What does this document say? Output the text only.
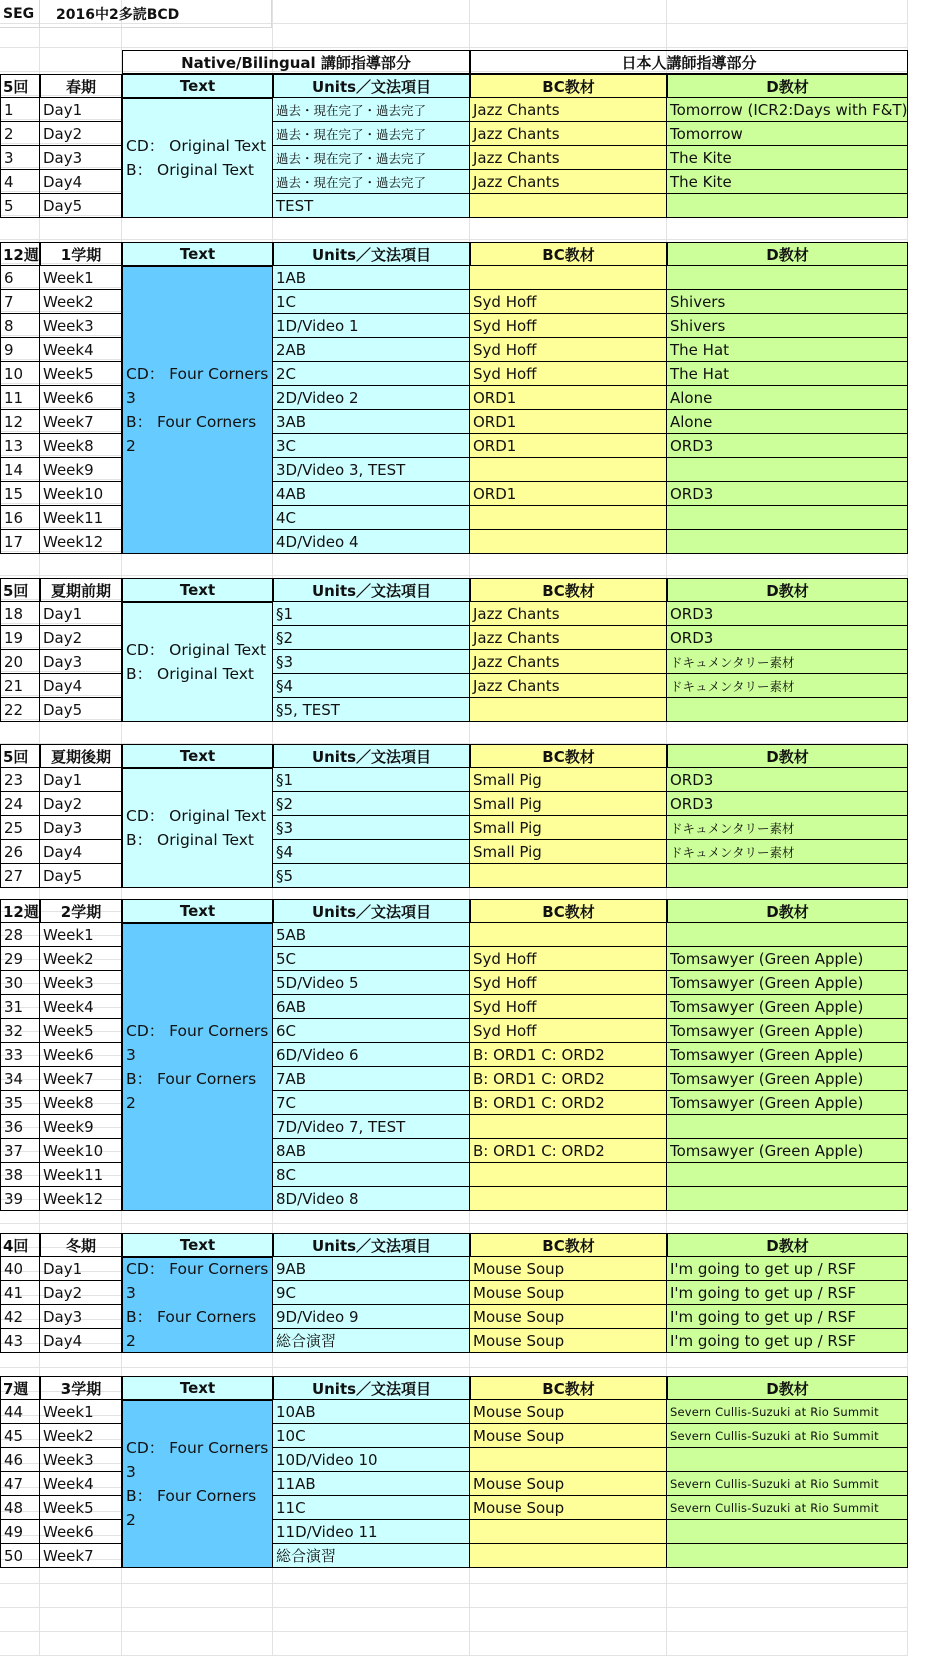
SEG	2016中2多読BCD
Native/Bilingual 講師指導部分	日本人講師指導部分
5回	春期	Text	Units／文法項目	BC教材	D教材
1	Day1	過去・現在完了・過去完了	Jazz Chants	Tomorrow (ICR2:Days with F&T)
2	Day2	過去・現在完了・過去完了	Jazz Chants	Tomorrow
3	Day3	過去・現在完了・過去完了	Jazz Chants	The Kite
4	Day4	過去・現在完了・過去完了	Jazz Chants	The Kite
5	Day5	TEST
CD： Original Text
B： Original Text
12週	1学期	Text	Units／文法項目	BC教材	D教材
6	Week1	1AB
7	Week2	1C	Syd Hoff	Shivers
8	Week3	1D/Video 1	Syd Hoff	Shivers
9	Week4	2AB	Syd Hoff	The Hat
10	Week5	2C	Syd Hoff	The Hat
11	Week6	2D/Video 2	ORD1	Alone
12	Week7	3AB	ORD1	Alone
13	Week8	3C	ORD1	ORD3
14	Week9	3D/Video 3, TEST
15	Week10	4AB	ORD1	ORD3
16	Week11	4C
17	Week12	4D/Video 4
CD： Four Corners
3
B： Four Corners 2
5回	夏期前期	Text	Units／文法項目	BC教材	D教材
18	Day1	§1	Jazz Chants	ORD3
19	Day2	§2	Jazz Chants	ORD3
20	Day3	§3	Jazz Chants	ドキュメンタリー素材
21	Day4	§4	Jazz Chants	ドキュメンタリー素材
22	Day5	§5, TEST
CD： Original Text
B： Original Text
5回	夏期後期	Text	Units／文法項目	BC教材	D教材
23	Day1	§1	Small Pig	ORD3
24	Day2	§2	Small Pig	ORD3
25	Day3	§3	Small Pig	ドキュメンタリー素材
26	Day4	§4	Small Pig	ドキュメンタリー素材
27	Day5	§5
CD： Original Text
B： Original Text
12週	2学期	Text	Units／文法項目	BC教材	D教材
28	Week1	5AB
29	Week2	5C	Syd Hoff	Tomsawyer (Green Apple)
30	Week3	5D/Video 5	Syd Hoff	Tomsawyer (Green Apple)
31	Week4	6AB	Syd Hoff	Tomsawyer (Green Apple)
32	Week5	6C	Syd Hoff	Tomsawyer (Green Apple)
33	Week6	6D/Video 6	B: ORD1 C: ORD2	Tomsawyer (Green Apple)
34	Week7	7AB	B: ORD1 C: ORD2	Tomsawyer (Green Apple)
35	Week8	7C	B: ORD1 C: ORD2	Tomsawyer (Green Apple)
36	Week9	7D/Video 7, TEST
37	Week10	8AB	B: ORD1 C: ORD2	Tomsawyer (Green Apple)
38	Week11	8C
39	Week12	8D/Video 8
CD： Four Corners
3
B： Four Corners 2
4回	冬期	Text	Units／文法項目	BC教材	D教材
40	Day1	9AB	Mouse Soup	I'm going to get up / RSF
41	Day2	9C	Mouse Soup	I'm going to get up / RSF
42	Day3	9D/Video 9	Mouse Soup	I'm going to get up / RSF
43	Day4	総合演習	Mouse Soup	I'm going to get up / RSF
CD： Four Corners
3
B： Four Corners 2
7週	3学期	Text	Units／文法項目	BC教材	D教材
44	Week1	10AB	Mouse Soup	Severn Cullis-Suzuki at Rio Summit
45	Week2	10C	Mouse Soup	Severn Cullis-Suzuki at Rio Summit
46	Week3	10D/Video 10
47	Week4	11AB	Mouse Soup	Severn Cullis-Suzuki at Rio Summit
48	Week5	11C	Mouse Soup	Severn Cullis-Suzuki at Rio Summit
49	Week6	11D/Video 11
50	Week7	総合演習
CD： Four Corners
3
B： Four Corners 2
